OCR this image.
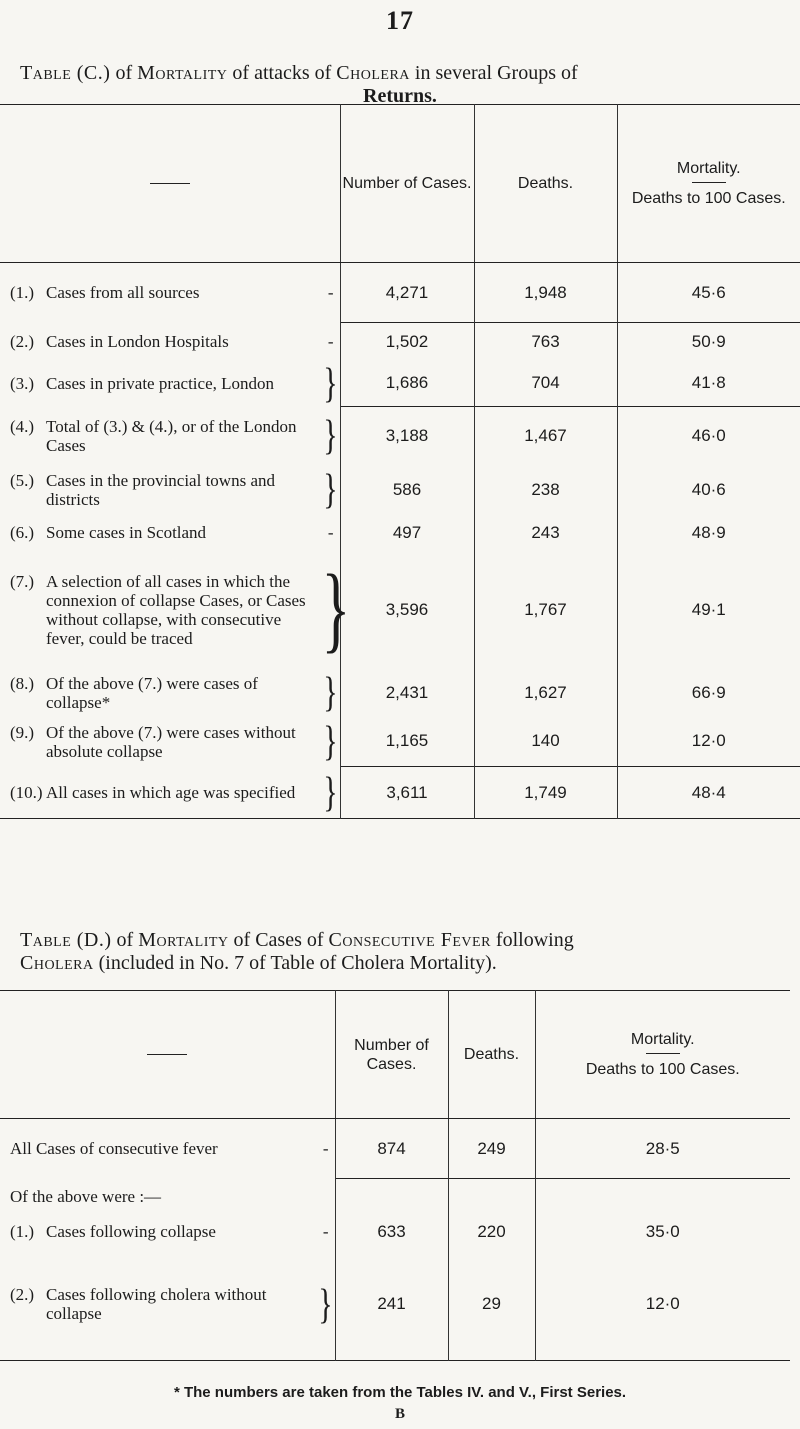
17
Table (C.) of Mortality of attacks of Cholera in several Groups of
Returns.
	Number of Cases.	Deaths.	Mortality.
Deaths to 100 Cases.

(1.) Cases from all sources -	4,271	1,948	45·6

(2.) Cases in London Hospitals -	1,502	763	50·9

(3.) Cases in private practice, London }	1,686	704	41·8

(4.) Total of (3.) & (4.), or of the London Cases }	3,188	1,467	46·0

(5.) Cases in the provincial towns and districts }	586	238	40·6

(6.) Some cases in Scotland -	497	243	48·9

(7.) A selection of all cases in which the connexion of collapse Cases, or Cases without collapse, with consecutive fever, could be traced }	3,596	1,767	49·1

(8.) Of the above (7.) were cases of collapse* }	2,431	1,627	66·9

(9.) Of the above (7.) were cases without absolute collapse }	1,165	140	12·0

(10.) All cases in which age was specified }	3,611	1,749	48·4
Table (D.) of Mortality of Cases of Consecutive Fever following
Cholera (included in No. 7 of Table of Cholera Mortality).
	Number of Cases.	Deaths.	Mortality.
Deaths to 100 Cases.

All Cases of consecutive fever -	874	249	28·5

Of the above were :—			

(1.) Cases following collapse -	633	220	35·0

(2.) Cases following cholera without collapse }	241	29	12·0
* The numbers are taken from the Tables IV. and V., First Series.
B
